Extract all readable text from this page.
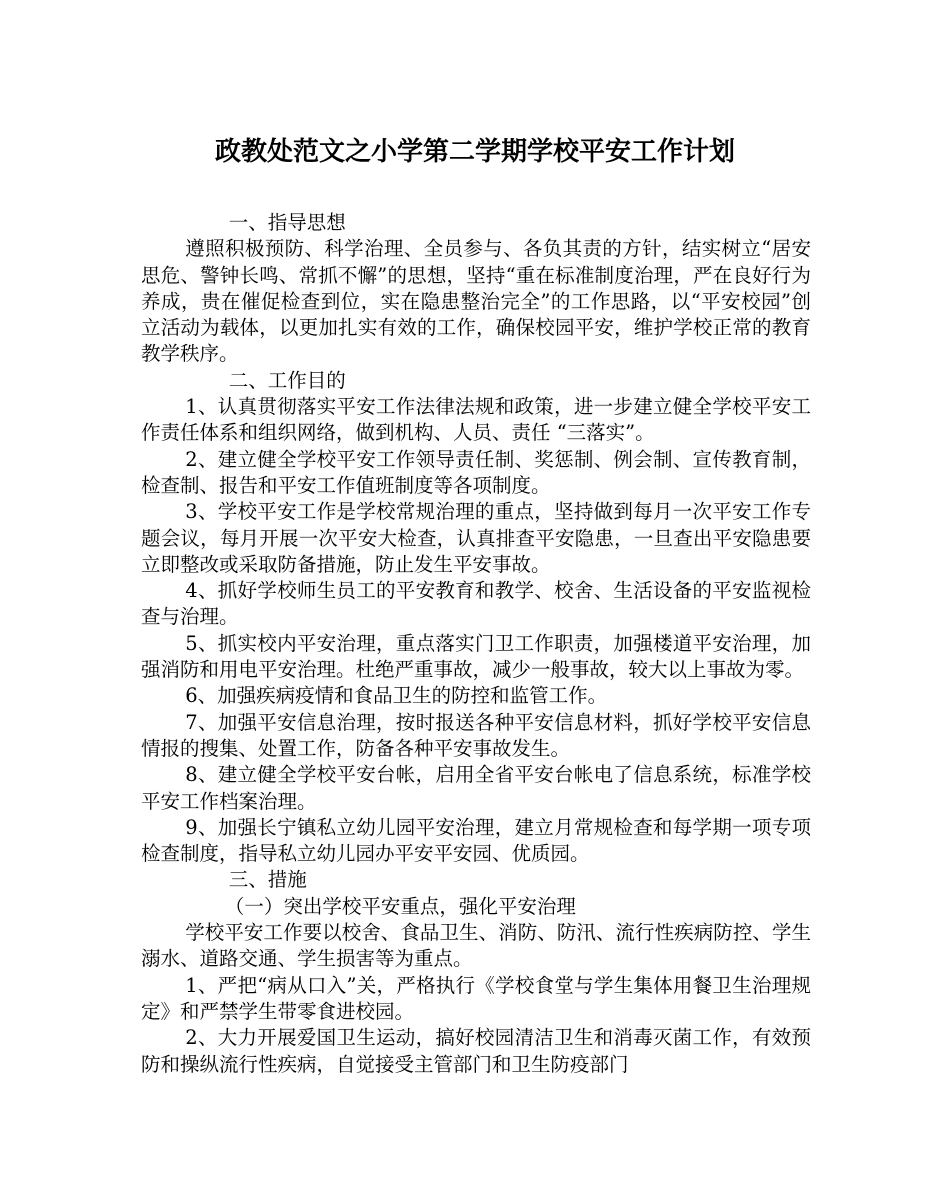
政教处范文之小学第二学期学校平安工作计划

一、指导思想

遵照积极预防、科学治理、全员参与、各负其责的方针，结实树立“居安思危、警钟长鸣、常抓不懈”的思想，坚持“重在标准制度治理，严在良好行为养成，贵在催促检查到位，实在隐患整治完全”的工作思路，以“平安校园”创立活动为载体，以更加扎实有效的工作，确保校园平安，维护学校正常的教育教学秩序。

二、工作目的

1、认真贯彻落实平安工作法律法规和政策，进一步建立健全学校平安工作责任体系和组织网络，做到机构、人员、责任 “三落实”。

2、建立健全学校平安工作领导责任制、奖惩制、例会制、宣传教育制，检查制、报告和平安工作值班制度等各项制度。

3、学校平安工作是学校常规治理的重点，坚持做到每月一次平安工作专题会议，每月开展一次平安大检查，认真排查平安隐患，一旦查出平安隐患要立即整改或采取防备措施，防止发生平安事故。

4、抓好学校师生员工的平安教育和教学、校舍、生活设备的平安监视检查与治理。

5、抓实校内平安治理，重点落实门卫工作职责，加强楼道平安治理，加强消防和用电平安治理。杜绝严重事故，减少一般事故，较大以上事故为零。

6、加强疾病疫情和食品卫生的防控和监管工作。

7、加强平安信息治理，按时报送各种平安信息材料，抓好学校平安信息情报的搜集、处置工作，防备各种平安事故发生。

8、建立健全学校平安台帐，启用全省平安台帐电了信息系统，标准学校平安工作档案治理。

9、加强长宁镇私立幼儿园平安治理，建立月常规检查和每学期一项专项检查制度，指导私立幼儿园办平安平安园、优质园。

三、措施

（一）突出学校平安重点，强化平安治理

学校平安工作要以校舍、食品卫生、消防、防汛、流行性疾病防控、学生溺水、道路交通、学生损害等为重点。

1、严把“病从口入”关，严格执行《学校食堂与学生集体用餐卫生治理规定》和严禁学生带零食进校园。

2、大力开展爱国卫生运动，搞好校园清洁卫生和消毒灭菌工作，有效预防和操纵流行性疾病，自觉接受主管部门和卫生防疫部门
